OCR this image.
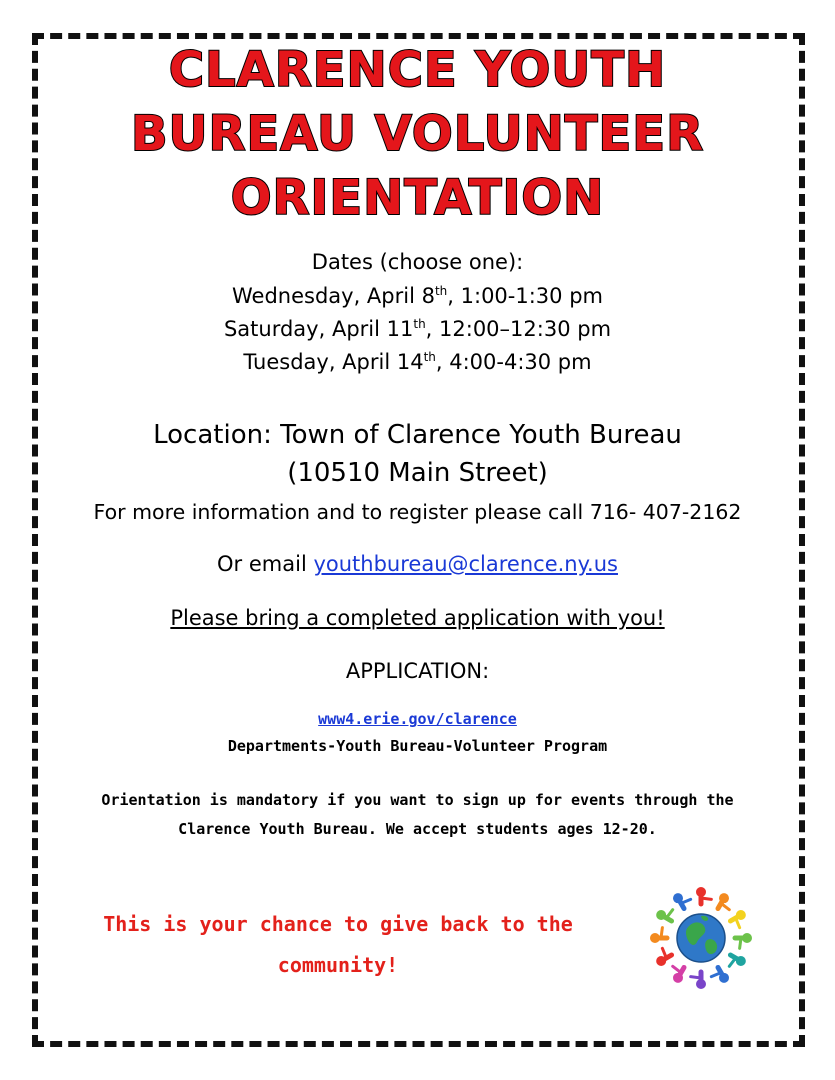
CLARENCE YOUTH
BUREAU VOLUNTEER
ORIENTATION
Dates (choose one):
Wednesday, April 8th, 1:00-1:30 pm
Saturday, April 11th, 12:00–12:30 pm
Tuesday, April 14th, 4:00-4:30 pm
Location: Town of Clarence Youth Bureau
(10510 Main Street)
For more information and to register please call 716- 407-2162
Or email youthbureau@clarence.ny.us
Please bring a completed application with you!
APPLICATION:
www4.erie.gov/clarence
Departments-Youth Bureau-Volunteer Program
Orientation is mandatory if you want to sign up for events through the
Clarence Youth Bureau. We accept students ages 12-20.
This is your chance to give back to the
community!
